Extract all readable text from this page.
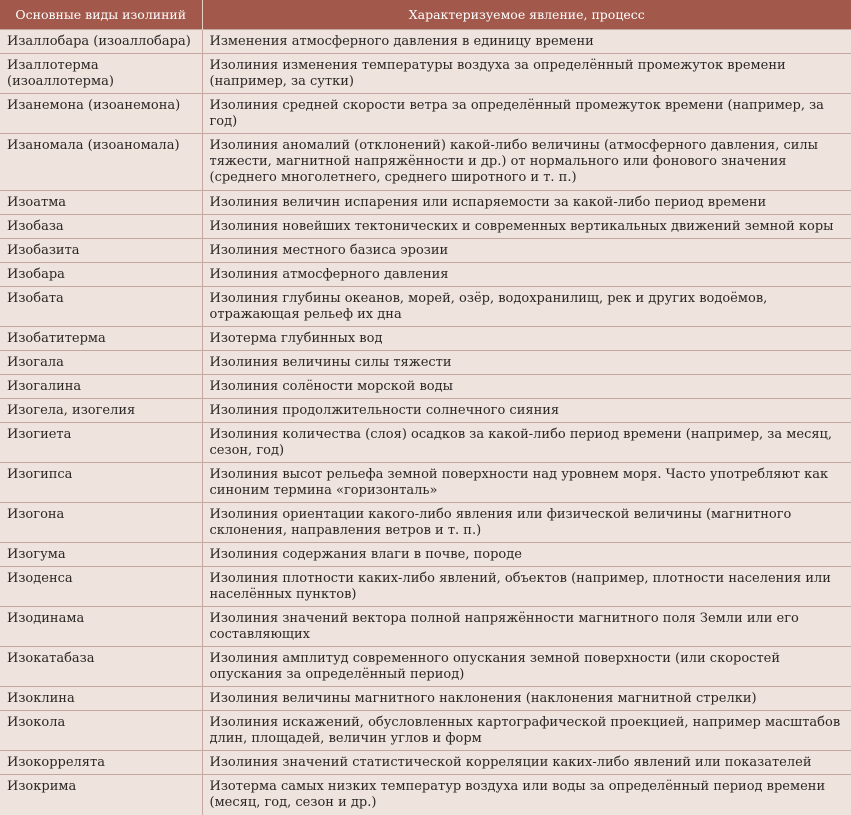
Основные виды изолиний	Характеризуемое явление, процесс
Изаллобара (изоаллобара)	Изменения атмосферного давления в единицу времени
Изаллотерма (изоаллотерма)	Изолиния изменения температуры воздуха за определённый промежуток времени (например, за сутки)
Изанемона (изоанемона)	Изолиния средней скорости ветра за определённый промежуток времени (например, за год)
Изаномала (изоаномала)	Изолиния аномалий (отклонений) какой-либо величины (атмосферного давления, силы тяжести, магнитной напряжённости и др.) от нормального или фонового значения (среднего многолетнего, среднего широтного и т. п.)
Изоатма	Изолиния величин испарения или испаряемости за какой-либо период времени
Изобаза	Изолиния новейших тектонических и современных вертикальных движений земной коры
Изобазита	Изолиния местного базиса эрозии
Изобара	Изолиния атмосферного давления
Изобата	Изолиния глубины океанов, морей, озёр, водохранилищ, рек и других водоёмов, отражающая рельеф их дна
Изобатитерма	Изотерма глубинных вод
Изогала	Изолиния величины силы тяжести
Изогалина	Изолиния солёности морской воды
Изогела, изогелия	Изолиния продолжительности солнечного сияния
Изогиета	Изолиния количества (слоя) осадков за какой-либо период времени (например, за месяц, сезон, год)
Изогипса	Изолиния высот рельефа земной поверхности над уровнем моря. Часто употребляют как синоним термина «горизонталь»
Изогона	Изолиния ориентации какого-либо явления или физической величины (магнитного склонения, направления ветров и т. п.)
Изогума	Изолиния содержания влаги в почве, породе
Изоденса	Изолиния плотности каких-либо явлений, объектов (например, плотности населения или населённых пунктов)
Изодинама	Изолиния значений вектора полной напряжённости магнитного поля Земли или его составляющих
Изокатабаза	Изолиния амплитуд современного опускания земной поверхности (или скоростей опускания за определённый период)
Изоклина	Изолиния величины магнитного наклонения (наклонения магнитной стрелки)
Изокола	Изолиния искажений, обусловленных картографической проекцией, например масштабов длин, площадей, величин углов и форм
Изокоррелята	Изолиния значений статистической корреляции каких-либо явлений или показателей
Изокрима	Изотерма самых низких температур воздуха или воды за определённый период времени (месяц, год, сезон и др.)
